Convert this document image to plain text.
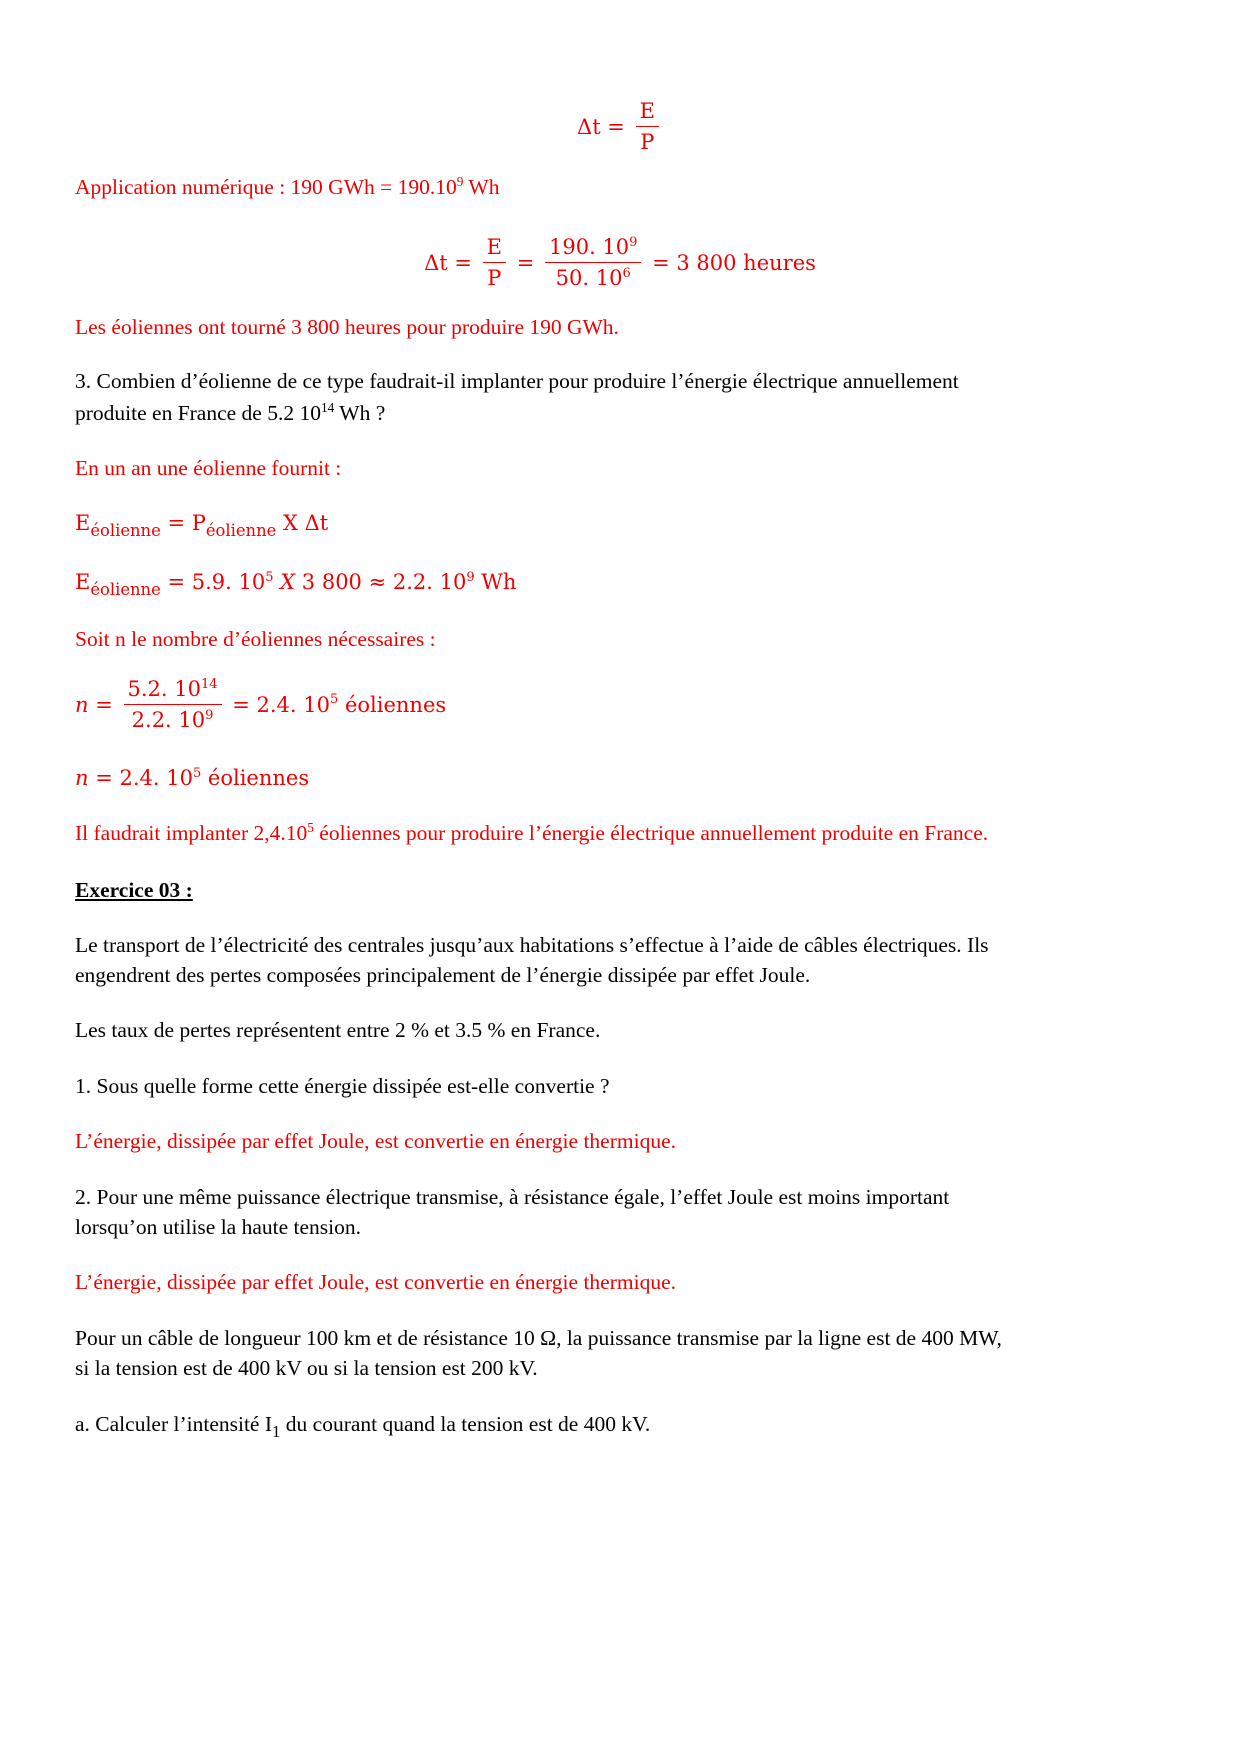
$\Delta t = \frac{E}{P}$
Application numérique : 190 GWh = $190.10^9$ Wh
$\Delta t = \frac{E}{P} = \frac{190. 10^9}{50. 10^6} = 3$ 800 heures
Les éoliennes ont tourné 3 800 heures pour produire 190 GWh.
3. Combien d’éolienne de ce type faudrait-il implanter pour produire l’énergie électrique annuellement
produite en France de 5.2 $10^{14}$ Wh ?
En un an une éolienne fournit :
$E_{éolienne} = P_{éolienne}$ X Δt
$E_{éolienne} = 5.9$. $10^5$ X 3 800 ≈ 2.2. $10^9$ Wh
Soit n le nombre d’éoliennes nécessaires :
$n = \frac{5.2. 10^{14}}{2.2. 10^9} = 2.4$. $10^5$ éoliennes
n = 2.4. $10^5$ éoliennes
Il faudrait implanter 2,4.10$^5$ éoliennes pour produire l’énergie électrique annuellement produite en France.
Exercice 03 :
Le transport de l’électricité des centrales jusqu’aux habitations s’effectue à l’aide de câbles électriques. Ils
engendrent des pertes composées principalement de l’énergie dissipée par effet Joule.
Les taux de pertes représentent entre 2 % et 3.5 % en France.
1. Sous quelle forme cette énergie dissipée est-elle convertie ?
L’énergie, dissipée par effet Joule, est convertie en énergie thermique.
2. Pour une même puissance électrique transmise, à résistance égale, l’effet Joule est moins important
lorsqu’on utilise la haute tension.
L’énergie, dissipée par effet Joule, est convertie en énergie thermique.
Pour un câble de longueur 100 km et de résistance 10 Ω, la puissance transmise par la ligne est de 400 MW,
si la tension est de 400 kV ou si la tension est 200 kV.
a. Calculer l’intensité $I_1$ du courant quand la tension est de 400 kV.
